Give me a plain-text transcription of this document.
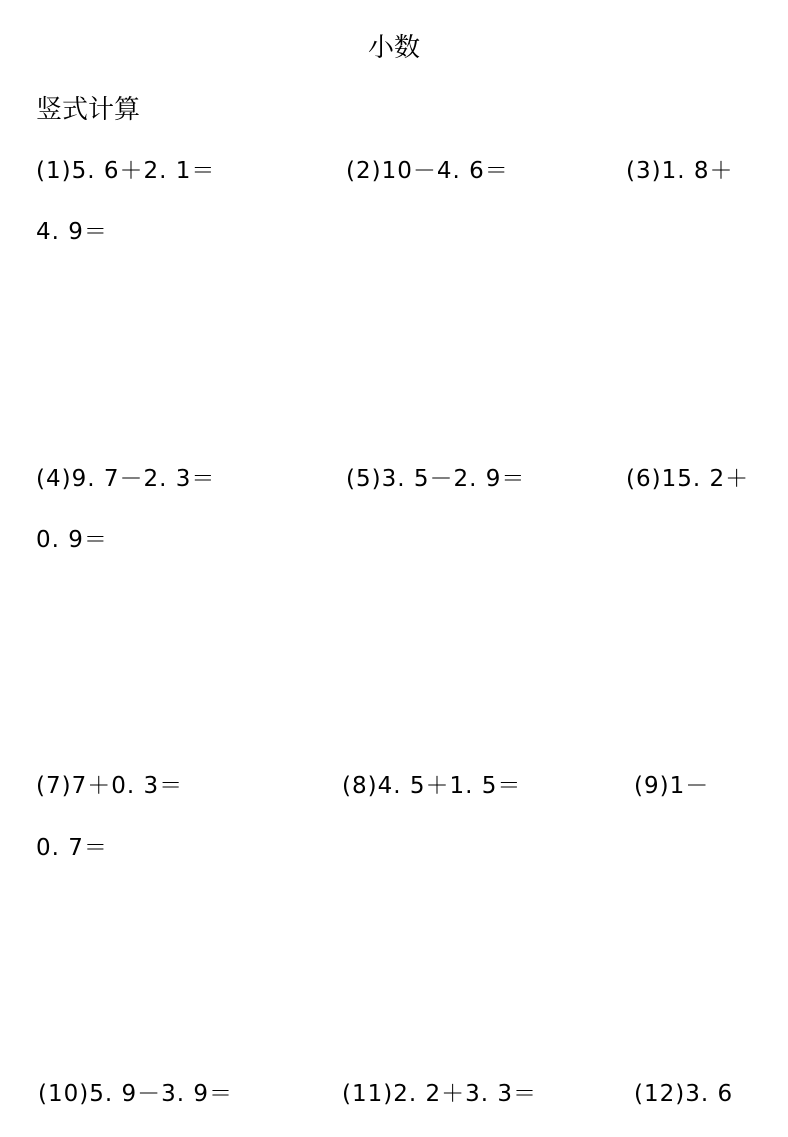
小数
竖式计算
(1)5. 6＋2. 1＝	(2)10－4. 6＝	(3)1. 8＋
4. 9＝
(4)9. 7－2. 3＝	(5)3. 5－2. 9＝	(6)15. 2＋
0. 9＝
(7)7＋0. 3＝	(8)4. 5＋1. 5＝	(9)1－
0. 7＝
(10)5. 9－3. 9＝	(11)2. 2＋3. 3＝	(12)3. 6
